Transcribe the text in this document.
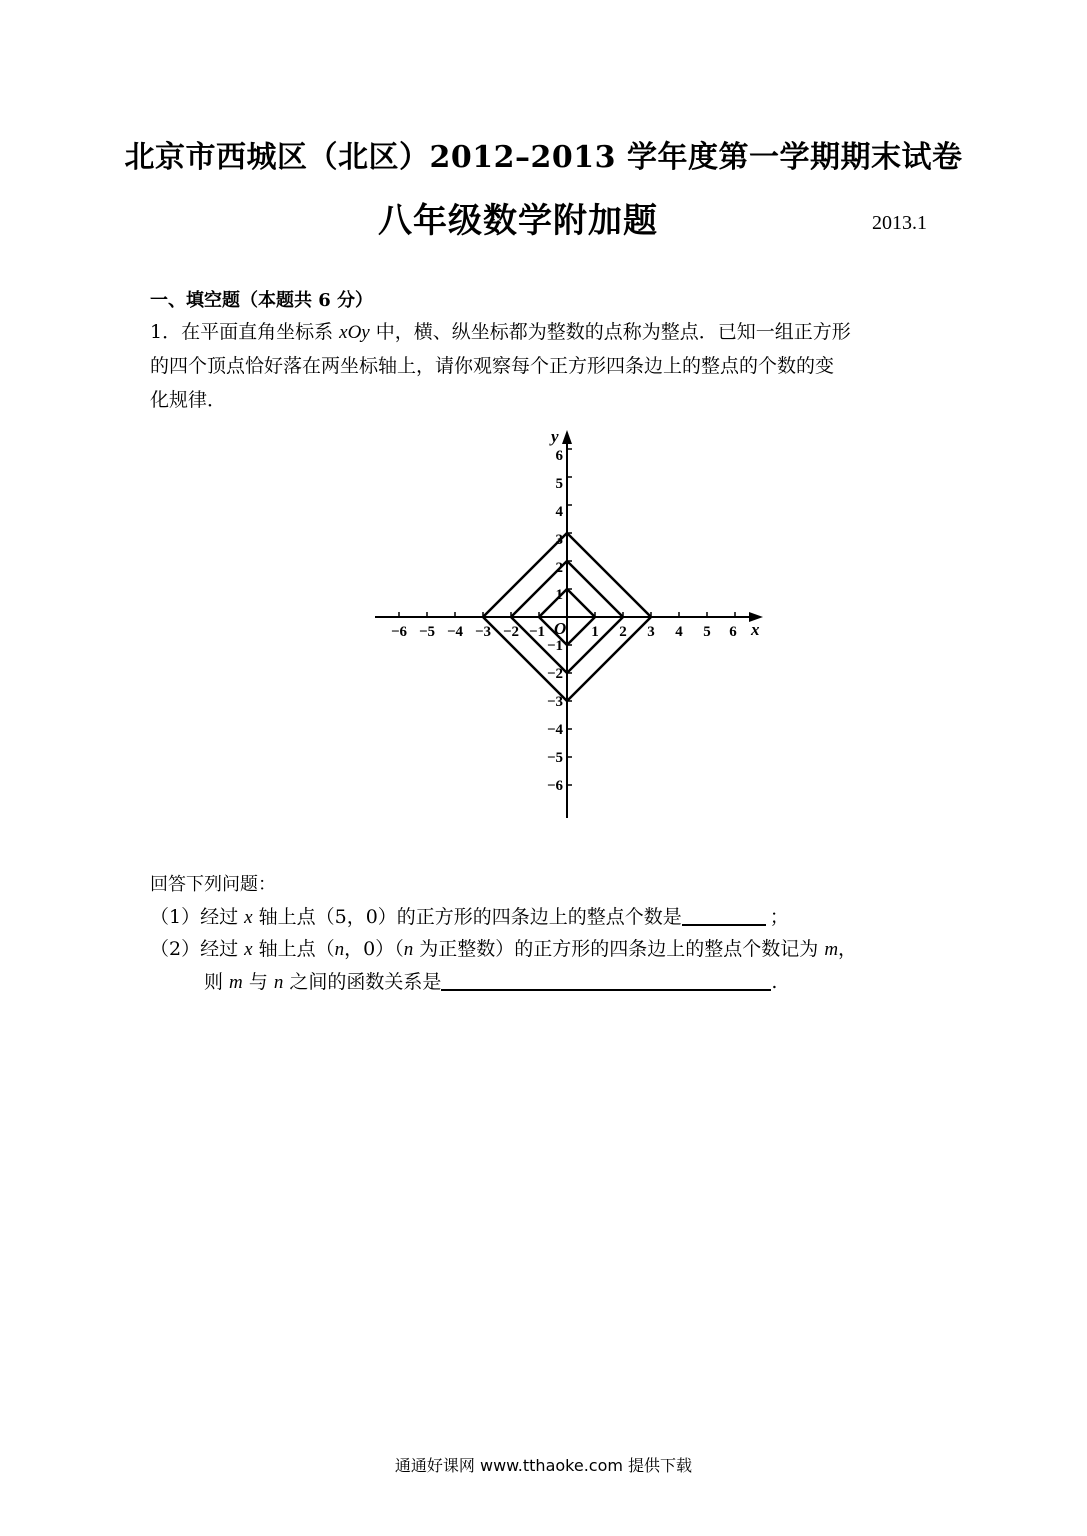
北京市西城区（北区）2012–2013 学年度第一学期期末试卷
八年级数学附加题	2013.1
一、填空题（本题共 6 分）
1．在平面直角坐标系 xOy 中，横、纵坐标都为整数的点称为整点．已知一组正方形
的四个顶点恰好落在两坐标轴上，请你观察每个正方形四条边上的整点的个数的变
化规律．
−6 −5 −4 −3 −2 −1	1 2 3 4 5 6
6
5
4
3
2
1
−1
−2
−3
−4
−5
−6
O	x
y
回答下列问题：
（1）经过 x 轴上点（5，0）的正方形的四条边上的整点个数是	；
（2）经过 x 轴上点（n，0）（n 为正整数）的正方形的四条边上的整点个数记为 m，
则 m 与 n 之间的函数关系是	.
通通好课网 www.tthaoke.com 提供下载
